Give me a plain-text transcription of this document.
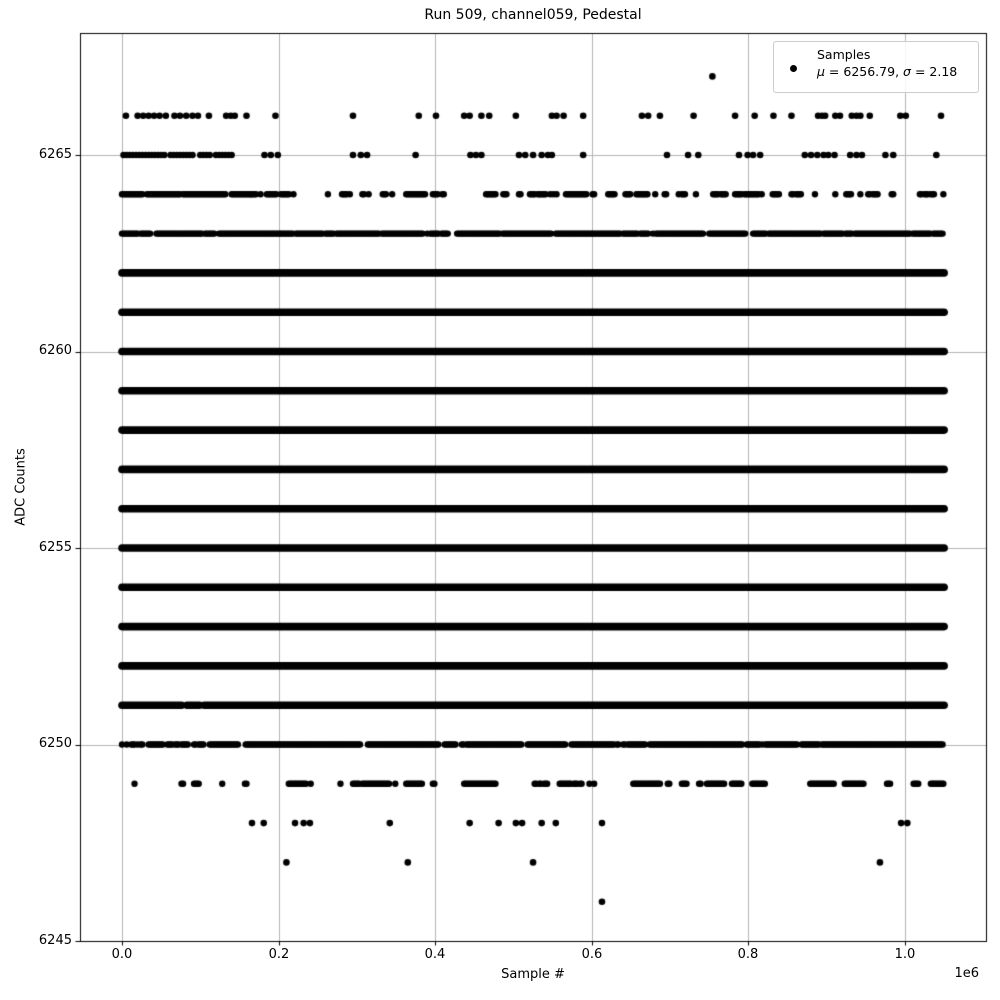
Run 509, channel059, Pedestal
ADC Counts
Sample #	1e6
6245
6250
6255
6260
6265
0.0	0.2	0.4	0.6	0.8	1.0
Samples
μ = 6256.79, σ = 2.18
